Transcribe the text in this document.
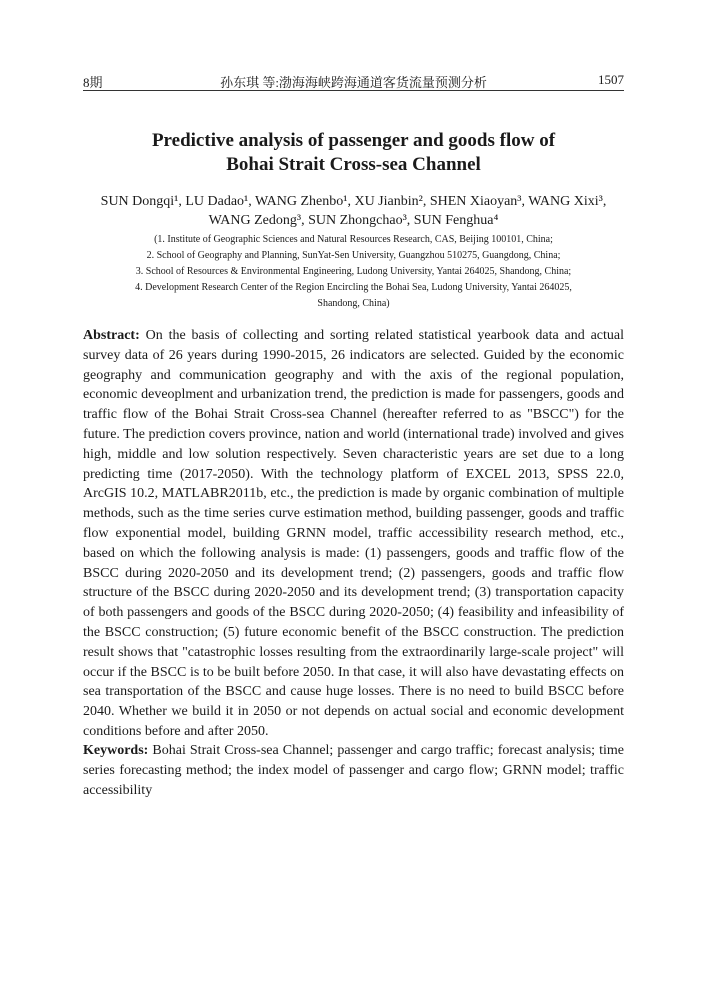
8期	孙东琪 等:渤海海峡跨海通道客货流量预测分析	1507
Predictive analysis of passenger and goods flow of
Bohai Strait Cross-sea Channel
SUN Dongqi¹, LU Dadao¹, WANG Zhenbo¹, XU Jianbin², SHEN Xiaoyan³, WANG Xixi³,
WANG Zedong³, SUN Zhongchao³, SUN Fenghua⁴
(1. Institute of Geographic Sciences and Natural Resources Research, CAS, Beijing 100101, China;
2. School of Geography and Planning, SunYat-Sen University, Guangzhou 510275, Guangdong, China;
3. School of Resources & Environmental Engineering, Ludong University, Yantai 264025, Shandong, China;
4. Development Research Center of the Region Encircling the Bohai Sea, Ludong University, Yantai 264025,
Shandong, China)

Abstract: On the basis of collecting and sorting related statistical yearbook data and actual survey data of 26 years during 1990-2015, 26 indicators are selected. Guided by the economic geography and communication geography and with the axis of the regional population, economic deveoplment and urbanization trend, the prediction is made for passengers, goods and traffic flow of the Bohai Strait Cross-sea Channel (hereafter referred to as "BSCC") for the future. The prediction covers province, nation and world (international trade) involved and gives high, middle and low solution respectively. Seven characteristic years are set due to a long predicting time (2017-2050). With the technology platform of EXCEL 2013, SPSS 22.0, ArcGIS 10.2, MATLABR2011b, etc., the prediction is made by organic combination of multiple methods, such as the time series curve estimation method, building passenger, goods and traffic flow exponential model, building GRNN model, traffic accessibility research method, etc., based on which the following analysis is made: (1) passengers, goods and traffic flow of the BSCC during 2020-2050 and its development trend; (2) passengers, goods and traffic flow structure of the BSCC during 2020-2050 and its development trend; (3) transportation capacity of both passengers and goods of the BSCC during 2020-2050; (4) feasibility and infeasibility of the BSCC construction; (5) future economic benefit of the BSCC construction. The prediction result shows that "catastrophic losses resulting from the extraordinarily large-scale project" will occur if the BSCC is to be built before 2050. In that case, it will also have devastating effects on sea transportation of the BSCC and cause huge losses. There is no need to build BSCC before 2040. Whether we build it in 2050 or not depends on actual social and economic development conditions before and after 2050.

Keywords: Bohai Strait Cross-sea Channel; passenger and cargo traffic; forecast analysis; time series forecasting method; the index model of passenger and cargo flow; GRNN model; traffic accessibility
